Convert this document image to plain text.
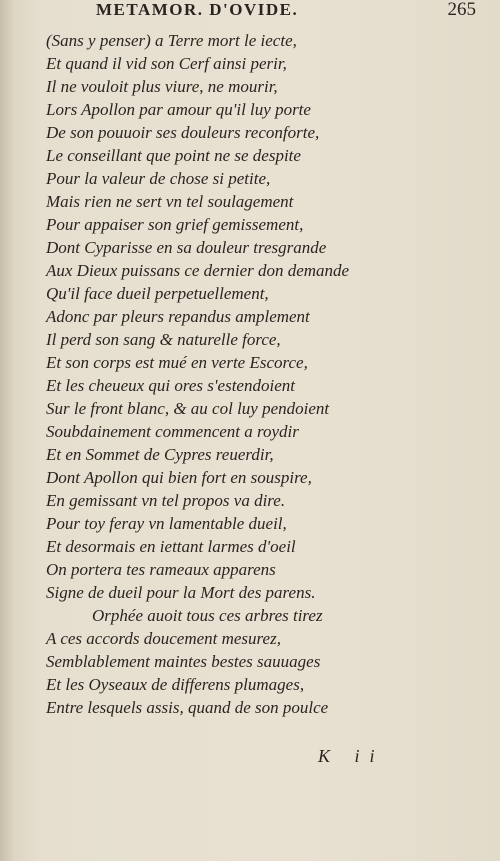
METAMOR. D'OVIDE.	265
(Sans y penser) a Terre mort le iecte,
Et quand il vid son Cerf ainsi perir,
Il ne vouloit plus viure, ne mourir,
Lors Apollon par amour qu'il luy porte
De son pouuoir ses douleurs reconforte,
Le conseillant que point ne se despite
Pour la valeur de chose si petite,
Mais rien ne sert vn tel soulagement
Pour appaiser son grief gemissement,
Dont Cyparisse en sa douleur tresgrande
Aux Dieux puissans ce dernier don demande
Qu'il face dueil perpetuellement,
Adonc par pleurs repandus amplement
Il perd son sang & naturelle force,
Et son corps est mué en verte Escorce,
Et les cheueux qui ores s'estendoient
Sur le front blanc, & au col luy pendoient
Soubdainement commencent a roydir
Et en Sommet de Cypres reuerdir,
Dont Apollon qui bien fort en souspire,
En gemissant vn tel propos va dire.
Pour toy feray vn lamentable dueil,
Et desormais en iettant larmes d'oeil
On portera tes rameaux apparens
Signe de dueil pour la Mort des parens.
Orphée auoit tous ces arbres tirez
A ces accords doucement mesurez,
Semblablement maintes bestes sauuages
Et les Oyseaux de differens plumages,
Entre lesquels assis, quand de son poulce
K ii
